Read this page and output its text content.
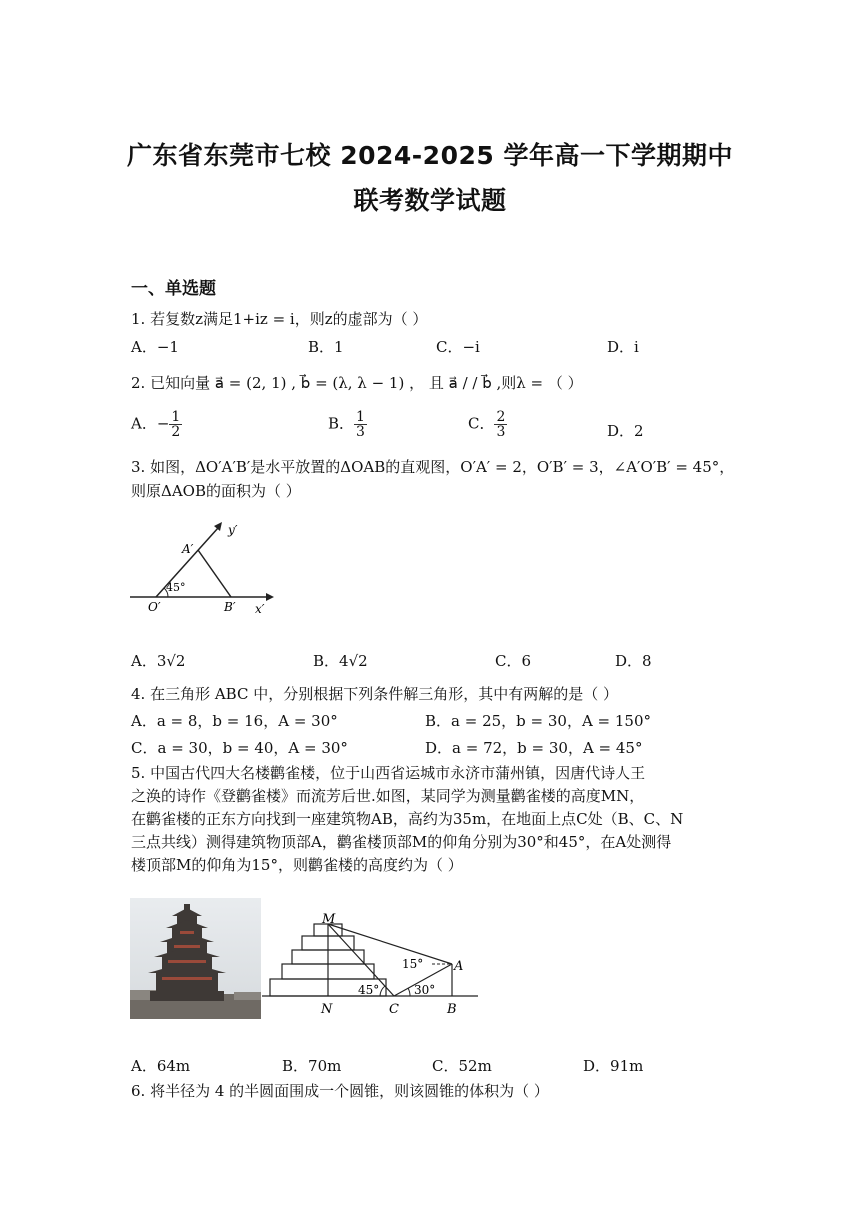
广东省东莞市七校 2024-2025 学年高一下学期期中
联考数学试题
一、单选题
1. 若复数z满足1+iz = i，则z的虚部为（ ）
A．−1	B．1	C．−i	D．i
2. 已知向量 a⃗ = (2, 1) , b⃗ = (λ, λ − 1) ， 且 a⃗ / / b⃗ ,则λ = （ ）
A．− $\frac{1}{2}$	B． $\frac{1}{3}$	C． $\frac{2}{3}$	D．2
3. 如图，ΔO′A′B′是水平放置的ΔOAB的直观图，O′A′ = 2，O′B′ = 3，∠A′O′B′ = 45°，
则原ΔAOB的面积为（ ）
y′
A′
45°
O′	B′ x′
A．3√2	B．4√2	C．6	D．8
4. 在三角形 ABC 中，分别根据下列条件解三角形，其中有两解的是（ ）
A．a = 8，b = 16，A = 30°	B．a = 25，b = 30，A = 150°
C．a = 30，b = 40，A = 30°	D．a = 72，b = 30，A = 45°
5. 中国古代四大名楼鹳雀楼，位于山西省运城市永济市蒲州镇，因唐代诗人王
之涣的诗作《登鹳雀楼》而流芳后世.如图，某同学为测量鹳雀楼的高度MN，
在鹳雀楼的正东方向找到一座建筑物AB，高约为35m，在地面上点C处（B、C、N
三点共线）测得建筑物顶部A，鹳雀楼顶部M的仰角分别为30°和45°，在A处测得
楼顶部M的仰角为15°，则鹳雀楼的高度约为（ ）
M
A
N	C	B
15°
45°	30°
A．64m	B．70m	C．52m	D．91m
6. 将半径为 4 的半圆面围成一个圆锥，则该圆锥的体积为（ ）
